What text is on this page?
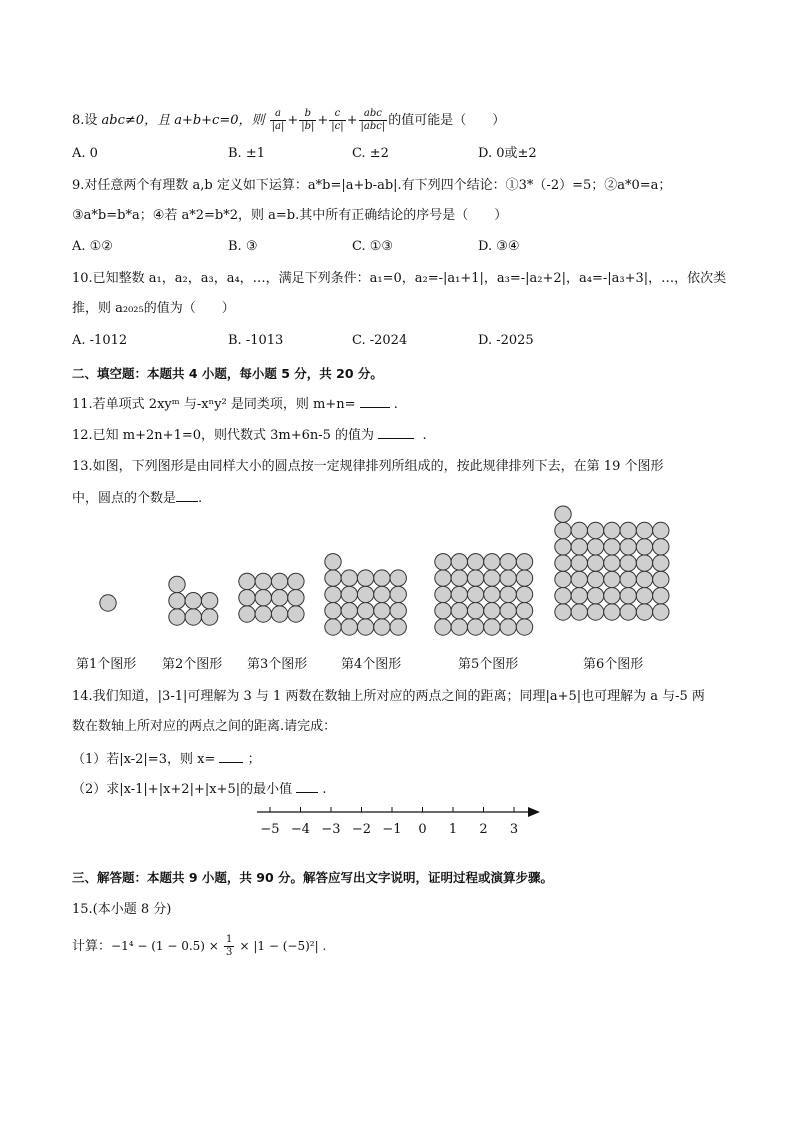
8.设 abc≠0，且 a+b+c=0，则 $\frac{a}{|a|} + \frac{b}{|b|} + \frac{c}{|c|} + \frac{\text{abc}}{\text{|abc|}}$ 的值可能是（　　）
A. 0	B. ±1	C. ±2	D. 0或±2
9.对任意两个有理数 a,b 定义如下运算：a*b=|a+b-ab|.有下列四个结论：①3*（-2）=5；②a*0=a；
③a*b=b*a；④若 a*2=b*2，则 a=b.其中所有正确结论的序号是（　　）
A. ①②	B. ③	C. ①③	D. ③④
10.已知整数 a₁，a₂，a₃，a₄，…，满足下列条件：a₁=0，a₂=-|a₁+1|，a₃=-|a₂+2|，a₄=-|a₃+3|，…，依次类
推，则 a₂₀₂₅的值为（　　）
A. -1012	B. -1013	C. -2024	D. -2025
二、填空题：本题共 4 小题，每小题 5 分，共 20 分。
11.若单项式 2xyᵐ 与-xⁿy² 是同类项，则 m+n=	.
12.已知 m+2n+1=0，则代数式 3m+6n-5 的值为	.
13.如图，下列图形是由同样大小的圆点按一定规律排列所组成的，按此规律排列下去，在第 19 个图形
中，圆点的个数是 .
第1个图形 第2个图形 第3个图形	第4个图形	第5个图形	第6个图形
14.我们知道，|3-1|可理解为 3 与 1 两数在数轴上所对应的两点之间的距离；同理|a+5|也可理解为 a 与-5 两
数在数轴上所对应的两点之间的距离.请完成：
（1）若|x-2|=3，则 x=  ；
（2）求|x-1|+|x+2|+|x+5|的最小值  .
−5 −4 −3 −2 −1 0 1 2 3
三、解答题：本题共 9 小题，共 90 分。解答应写出文字说明，证明过程或演算步骤。
15.(本小题 8 分)
计算：$-1^4 - (1 - 0.5) \times \frac{1}{3} \times |1 - (-5)^2|$ .
